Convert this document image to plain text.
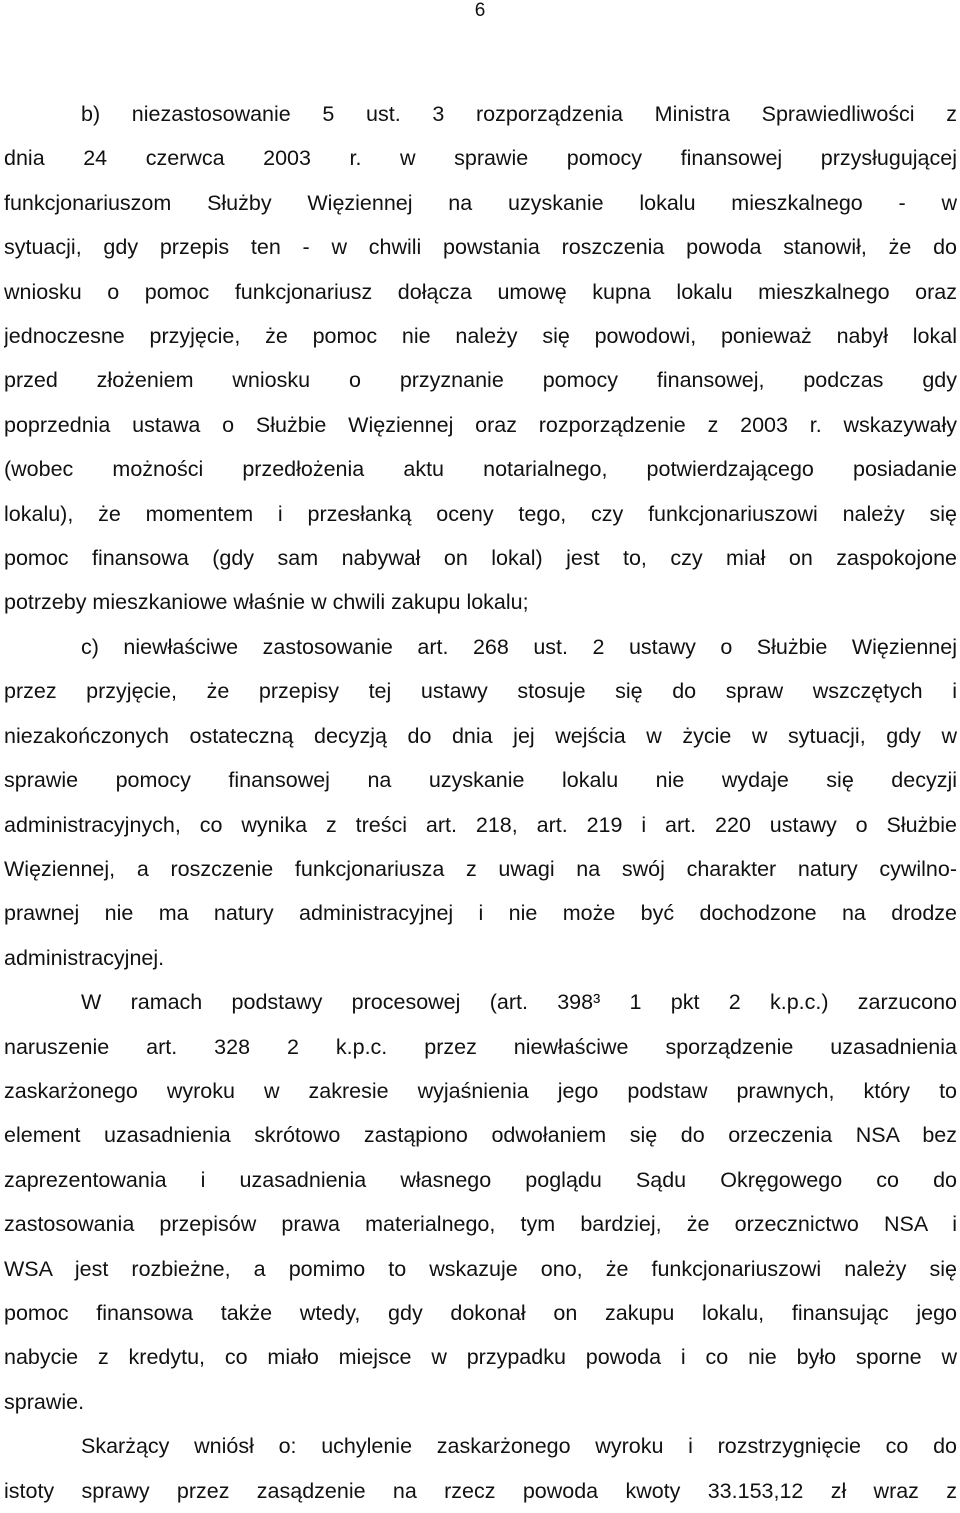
6
b) niezastosowanie 5 ust. 3 rozporządzenia Ministra Sprawiedliwości z
dnia 24 czerwca 2003 r. w sprawie pomocy finansowej przysługującej
funkcjonariuszom Służby Więziennej na uzyskanie lokalu mieszkalnego - w
sytuacji, gdy przepis ten - w chwili powstania roszczenia powoda stanowił, że do
wniosku o pomoc funkcjonariusz dołącza umowę kupna lokalu mieszkalnego oraz
jednoczesne przyjęcie, że pomoc nie należy się powodowi, ponieważ nabył lokal
przed złożeniem wniosku o przyznanie pomocy finansowej, podczas gdy
poprzednia ustawa o Służbie Więziennej oraz rozporządzenie z 2003 r. wskazywały
(wobec możności przedłożenia aktu notarialnego, potwierdzającego posiadanie
lokalu), że momentem i przesłanką oceny tego, czy funkcjonariuszowi należy się
pomoc finansowa (gdy sam nabywał on lokal) jest to, czy miał on zaspokojone
potrzeby mieszkaniowe właśnie w chwili zakupu lokalu;
c) niewłaściwe zastosowanie art. 268 ust. 2 ustawy o Służbie Więziennej
przez przyjęcie, że przepisy tej ustawy stosuje się do spraw wszczętych i
niezakończonych ostateczną decyzją do dnia jej wejścia w życie w sytuacji, gdy w
sprawie pomocy finansowej na uzyskanie lokalu nie wydaje się decyzji
administracyjnych, co wynika z treści art. 218, art. 219 i art. 220 ustawy o Służbie
Więziennej, a roszczenie funkcjonariusza z uwagi na swój charakter natury cywilno-
prawnej nie ma natury administracyjnej i nie może być dochodzone na drodze
administracyjnej.
W ramach podstawy procesowej (art. 398³ 1 pkt 2 k.p.c.) zarzucono
naruszenie art. 328 2 k.p.c. przez niewłaściwe sporządzenie uzasadnienia
zaskarżonego wyroku w zakresie wyjaśnienia jego podstaw prawnych, który to
element uzasadnienia skrótowo zastąpiono odwołaniem się do orzeczenia NSA bez
zaprezentowania i uzasadnienia własnego poglądu Sądu Okręgowego co do
zastosowania przepisów prawa materialnego, tym bardziej, że orzecznictwo NSA i
WSA jest rozbieżne, a pomimo to wskazuje ono, że funkcjonariuszowi należy się
pomoc finansowa także wtedy, gdy dokonał on zakupu lokalu, finansując jego
nabycie z kredytu, co miało miejsce w przypadku powoda i co nie było sporne w
sprawie.
Skarżący wniósł o: uchylenie zaskarżonego wyroku i rozstrzygnięcie co do
istoty sprawy przez zasądzenie na rzecz powoda kwoty 33.153,12 zł wraz z
